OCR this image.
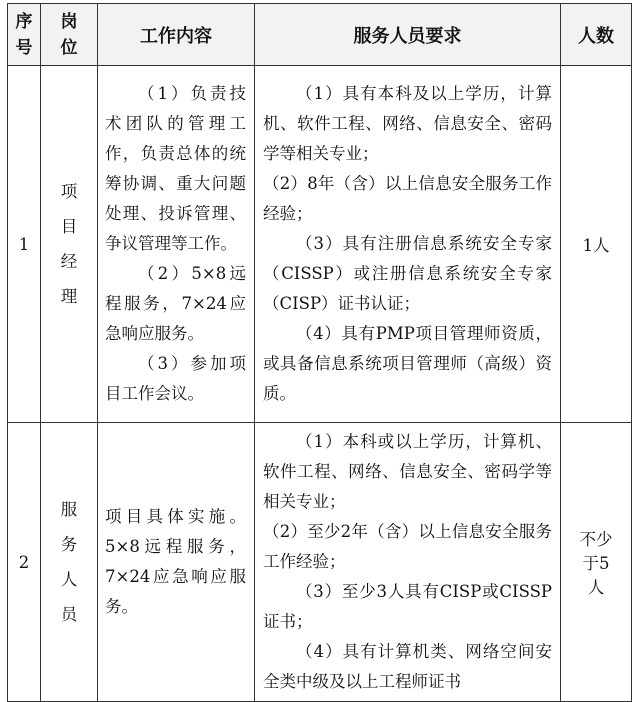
序
号	岗
位	工作内容	服务人员要求	人数
1	项
目
经
理	（1）负责技术团队的管理工作，负责总体的统筹协调、重大问题处理、投诉管理、争议管理等工作。
（2）5×8远程服务，7×24应急响应服务。
（3）参加项目工作会议。	（1）具有本科及以上学历，计算机、软件工程、网络、信息安全、密码学等相关专业；
（2）8年（含）以上信息安全服务工作经验；
（3）具有注册信息系统安全专家（CISSP）或注册信息系统安全专家（CISP）证书认证；
（4）具有PMP项目管理师资质，或具备信息系统项目管理师（高级）资质。	1人
2	服
务
人
员	项目具体实施。5×8远程服务，7×24应急响应服务。	（1）本科或以上学历，计算机、软件工程、网络、信息安全、密码学等相关专业；
（2）至少2年（含）以上信息安全服务工作经验；
（3）至少3人具有CISP或CISSP证书；
（4）具有计算机类、网络空间安全类中级及以上工程师证书	不少
于5
人
